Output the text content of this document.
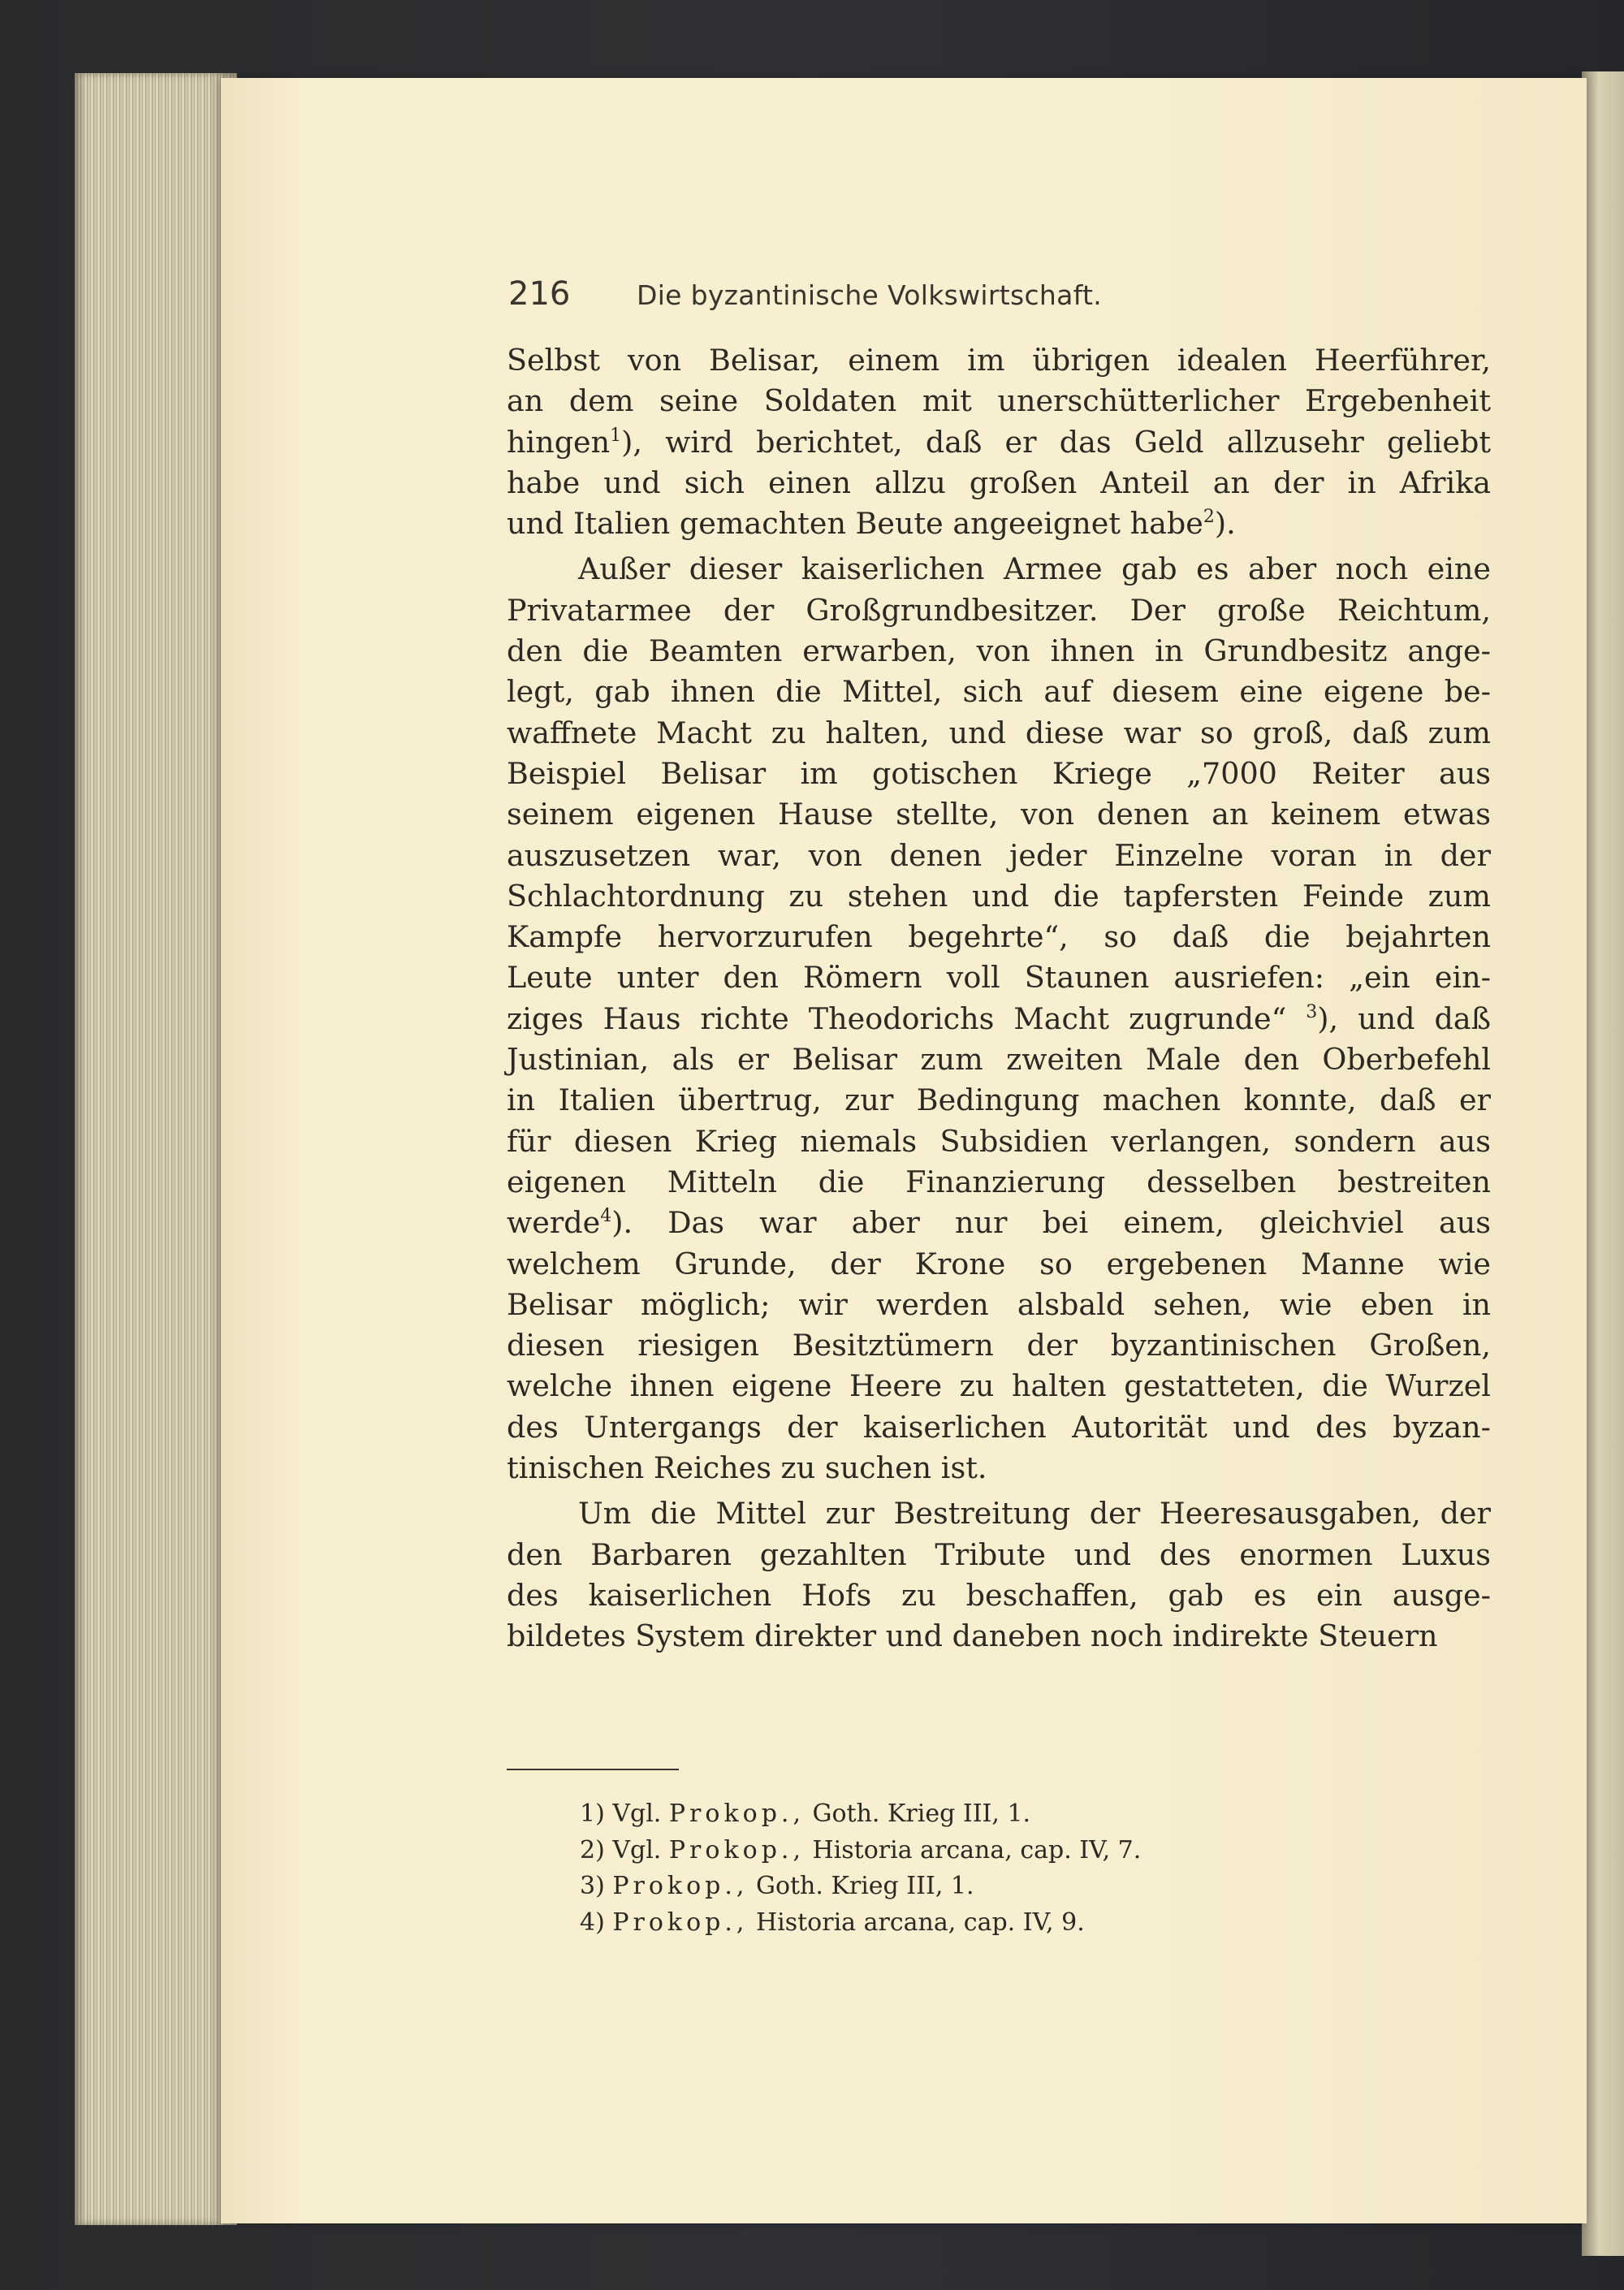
216 Die byzantinische Volkswirtschaft.
Selbst von Belisar, einem im übrigen idealen Heerführer,
an dem seine Soldaten mit unerschütterlicher Ergebenheit
hingen$^1$), wird berichtet, daß er das Geld allzusehr geliebt
habe und sich einen allzu großen Anteil an der in Afrika
und Italien gemachten Beute angeeignet habe$^2$).
Außer dieser kaiserlichen Armee gab es aber noch eine
Privatarmee der Großgrundbesitzer. Der große Reichtum,
den die Beamten erwarben, von ihnen in Grundbesitz ange-
legt, gab ihnen die Mittel, sich auf diesem eine eigene be-
waffnete Macht zu halten, und diese war so groß, daß zum
Beispiel Belisar im gotischen Kriege „7000 Reiter aus
seinem eigenen Hause stellte, von denen an keinem etwas
auszusetzen war, von denen jeder Einzelne voran in der
Schlachtordnung zu stehen und die tapfersten Feinde zum
Kampfe hervorzurufen begehrte“, so daß die bejahrten
Leute unter den Römern voll Staunen ausriefen: „ein ein-
ziges Haus richte Theodorichs Macht zugrunde“ $^3$), und daß
Justinian, als er Belisar zum zweiten Male den Oberbefehl
in Italien übertrug, zur Bedingung machen konnte, daß er
für diesen Krieg niemals Subsidien verlangen, sondern aus
eigenen Mitteln die Finanzierung desselben bestreiten
werde$^4$). Das war aber nur bei einem, gleichviel aus
welchem Grunde, der Krone so ergebenen Manne wie
Belisar möglich; wir werden alsbald sehen, wie eben in
diesen riesigen Besitztümern der byzantinischen Großen,
welche ihnen eigene Heere zu halten gestatteten, die Wurzel
des Untergangs der kaiserlichen Autorität und des byzan-
tinischen Reiches zu suchen ist.
Um die Mittel zur Bestreitung der Heeresausgaben, der
den Barbaren gezahlten Tribute und des enormen Luxus
des kaiserlichen Hofs zu beschaffen, gab es ein ausge-
bildetes System direkter und daneben noch indirekte Steuern
1) Vgl. Prokop., Goth. Krieg III, 1.
2) Vgl. Prokop., Historia arcana, cap. IV, 7.
3) Prokop., Goth. Krieg III, 1.
4) Prokop., Historia arcana, cap. IV, 9.
